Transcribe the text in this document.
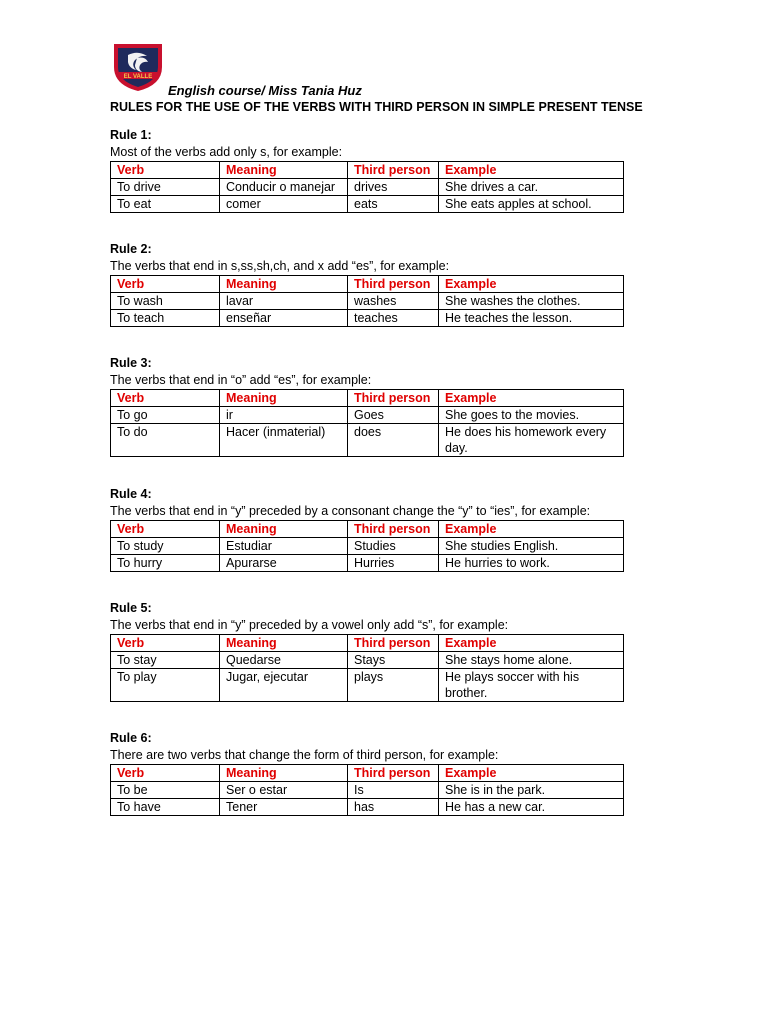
EL VALLE
English course/ Miss Tania Huz
RULES FOR THE USE OF THE VERBS WITH THIRD PERSON IN SIMPLE PRESENT TENSE
Rule 1:
Most of the verbs add only s, for example:
Verb	Meaning	Third person	Example
To drive	Conducir o manejar	drives	She drives a car.
To eat	comer	eats	She eats apples at school.
Rule 2:
The verbs that end in s,ss,sh,ch, and x add “es”, for example:
Verb	Meaning	Third person	Example
To wash	lavar	washes	She washes the clothes.
To teach	enseñar	teaches	He teaches the lesson.
Rule 3:
The verbs that end in “o” add “es”, for example:
Verb	Meaning	Third person	Example
To go	ir	Goes	She goes to the movies.
To do	Hacer (inmaterial)	does	He does his homework every day.
Rule 4:
The verbs that end in “y” preceded by a consonant change the “y” to “ies”, for example:
Verb	Meaning	Third person	Example
To study	Estudiar	Studies	She studies English.
To hurry	Apurarse	Hurries	He hurries to work.
Rule 5:
The verbs that end in “y” preceded by a vowel only add “s”, for example:
Verb	Meaning	Third person	Example
To stay	Quedarse	Stays	She stays home alone.
To play	Jugar, ejecutar	plays	He plays soccer with his brother.
Rule 6:
There are two verbs that change the form of third person, for example:
Verb	Meaning	Third person	Example
To be	Ser o estar	Is	She is in the park.
To have	Tener	has	He has a new car.
